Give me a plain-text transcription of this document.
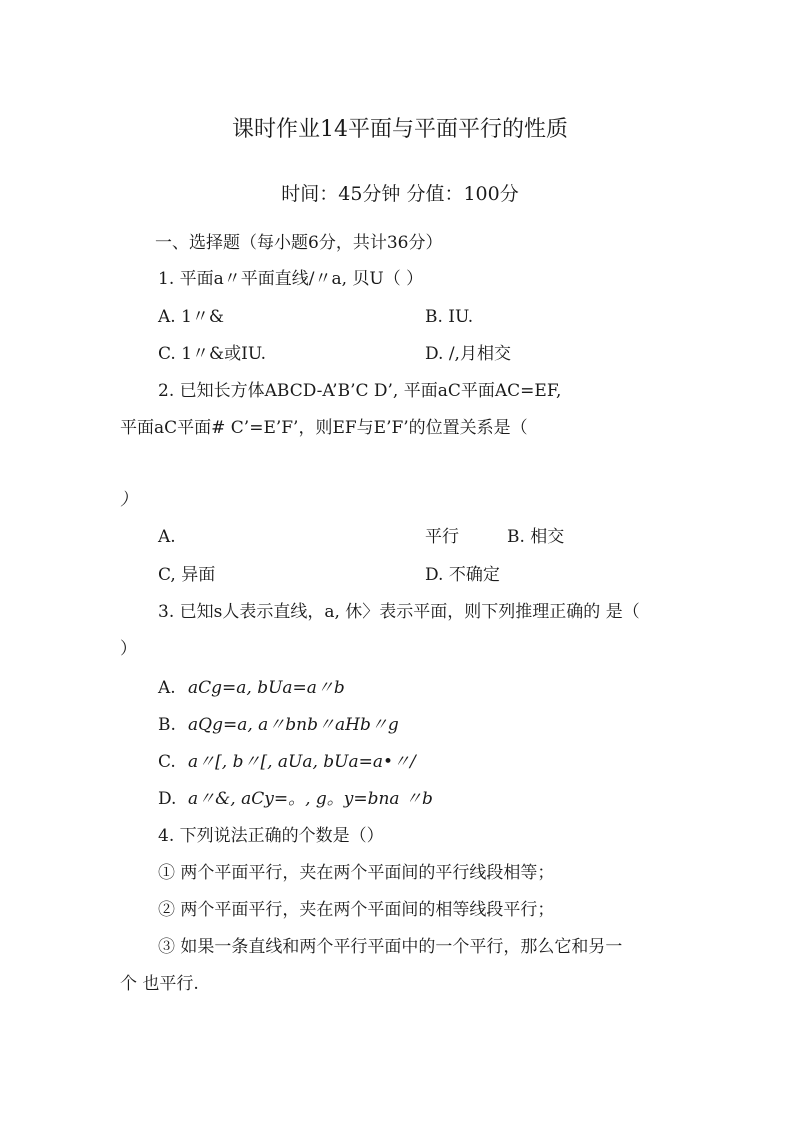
课时作业14平面与平面平行的性质
时间：45分钟 分值：100分
一、选择题（每小题6分，共计36分）
1. 平面a〃平面直线/〃a, 贝U（ ）
A. 1〃&	B. IU.
C. 1〃&或IU.	D. /,月相交
2. 已知长方体ABCD-A’B’C D’, 平面aC平面AC=EF,
平面aC平面# C’=E’F’，则EF与E’F’的位置关系是（
）
A.	平行	B. 相交
C, 异面	D. 不确定
3. 已知s人表示直线，a, 休〉表示平面，则下列推理正确的 是（
）
A. aCg=a, bUa=a〃b
B. aQg=a, a〃bnb〃aHb〃g
C. a〃[, b〃[, aUa, bUa=a•〃/
D. a〃&, aCy=。, g。y=bna 〃b
4. 下列说法正确的个数是（）
① 两个平面平行，夹在两个平面间的平行线段相等；
② 两个平面平行，夹在两个平面间的相等线段平行；
③ 如果一条直线和两个平行平面中的一个平行，那么它和另一
个 也平行.
